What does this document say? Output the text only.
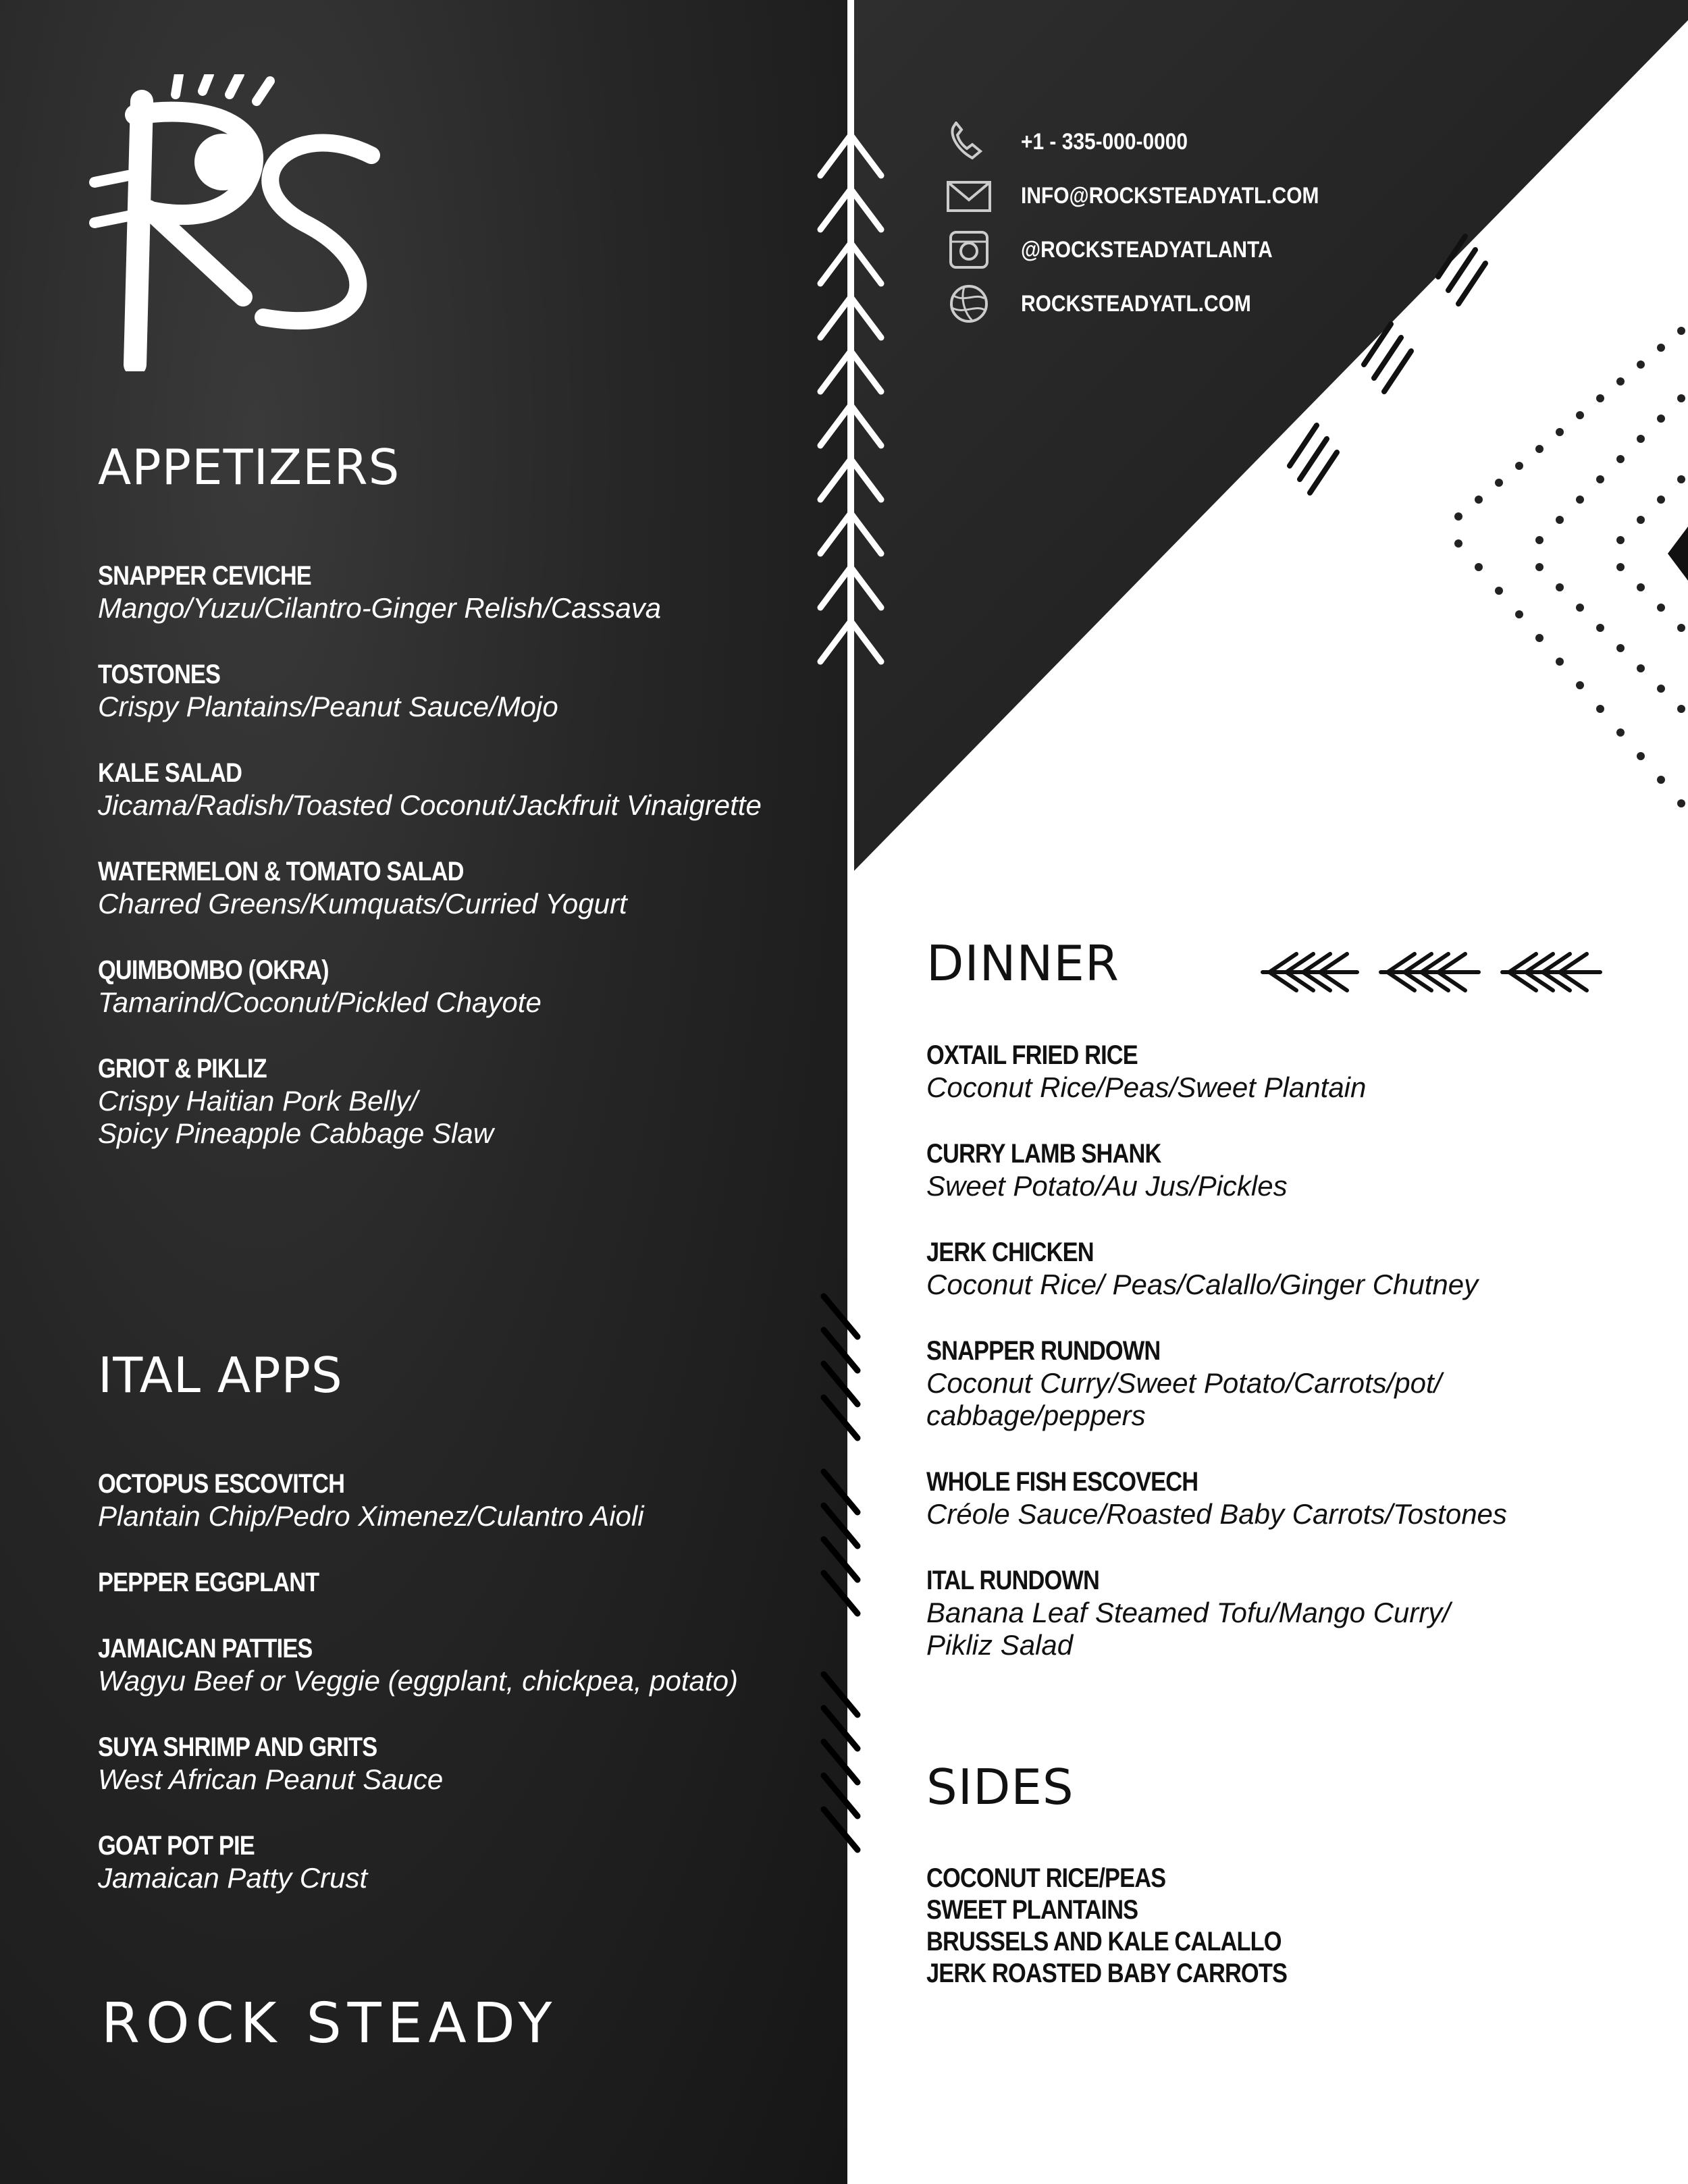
+1 - 335-000-0000
INFO@ROCKSTEADYATL.COM
@ROCKSTEADYATLANTA
ROCKSTEADYATL.COM
APPETIZERS
SNAPPER CEVICHE
Mango/Yuzu/Cilantro-Ginger Relish/Cassava
TOSTONES
Crispy Plantains/Peanut Sauce/Mojo
KALE SALAD
Jicama/Radish/Toasted Coconut/Jackfruit Vinaigrette
WATERMELON & TOMATO SALAD
Charred Greens/Kumquats/Curried Yogurt
QUIMBOMBO (OKRA)
Tamarind/Coconut/Pickled Chayote
GRIOT & PIKLIZ
Crispy Haitian Pork Belly/
Spicy Pineapple Cabbage Slaw
ITAL APPS
OCTOPUS ESCOVITCH
Plantain Chip/Pedro Ximenez/Culantro Aioli
PEPPER EGGPLANT
JAMAICAN PATTIES
Wagyu Beef or Veggie (eggplant, chickpea, potato)
SUYA SHRIMP AND GRITS
West African Peanut Sauce
GOAT POT PIE
Jamaican Patty Crust
ROCK STEADY
DINNER
OXTAIL FRIED RICE
Coconut Rice/Peas/Sweet Plantain
CURRY LAMB SHANK
Sweet Potato/Au Jus/Pickles
JERK CHICKEN
Coconut Rice/ Peas/Calallo/Ginger Chutney
SNAPPER RUNDOWN
Coconut Curry/Sweet Potato/Carrots/pot/
cabbage/peppers
WHOLE FISH ESCOVECH
Créole Sauce/Roasted Baby Carrots/Tostones
ITAL RUNDOWN
Banana Leaf Steamed Tofu/Mango Curry/
Pikliz Salad
SIDES
COCONUT RICE/PEAS
SWEET PLANTAINS
BRUSSELS AND KALE CALALLO
JERK ROASTED BABY CARROTS
